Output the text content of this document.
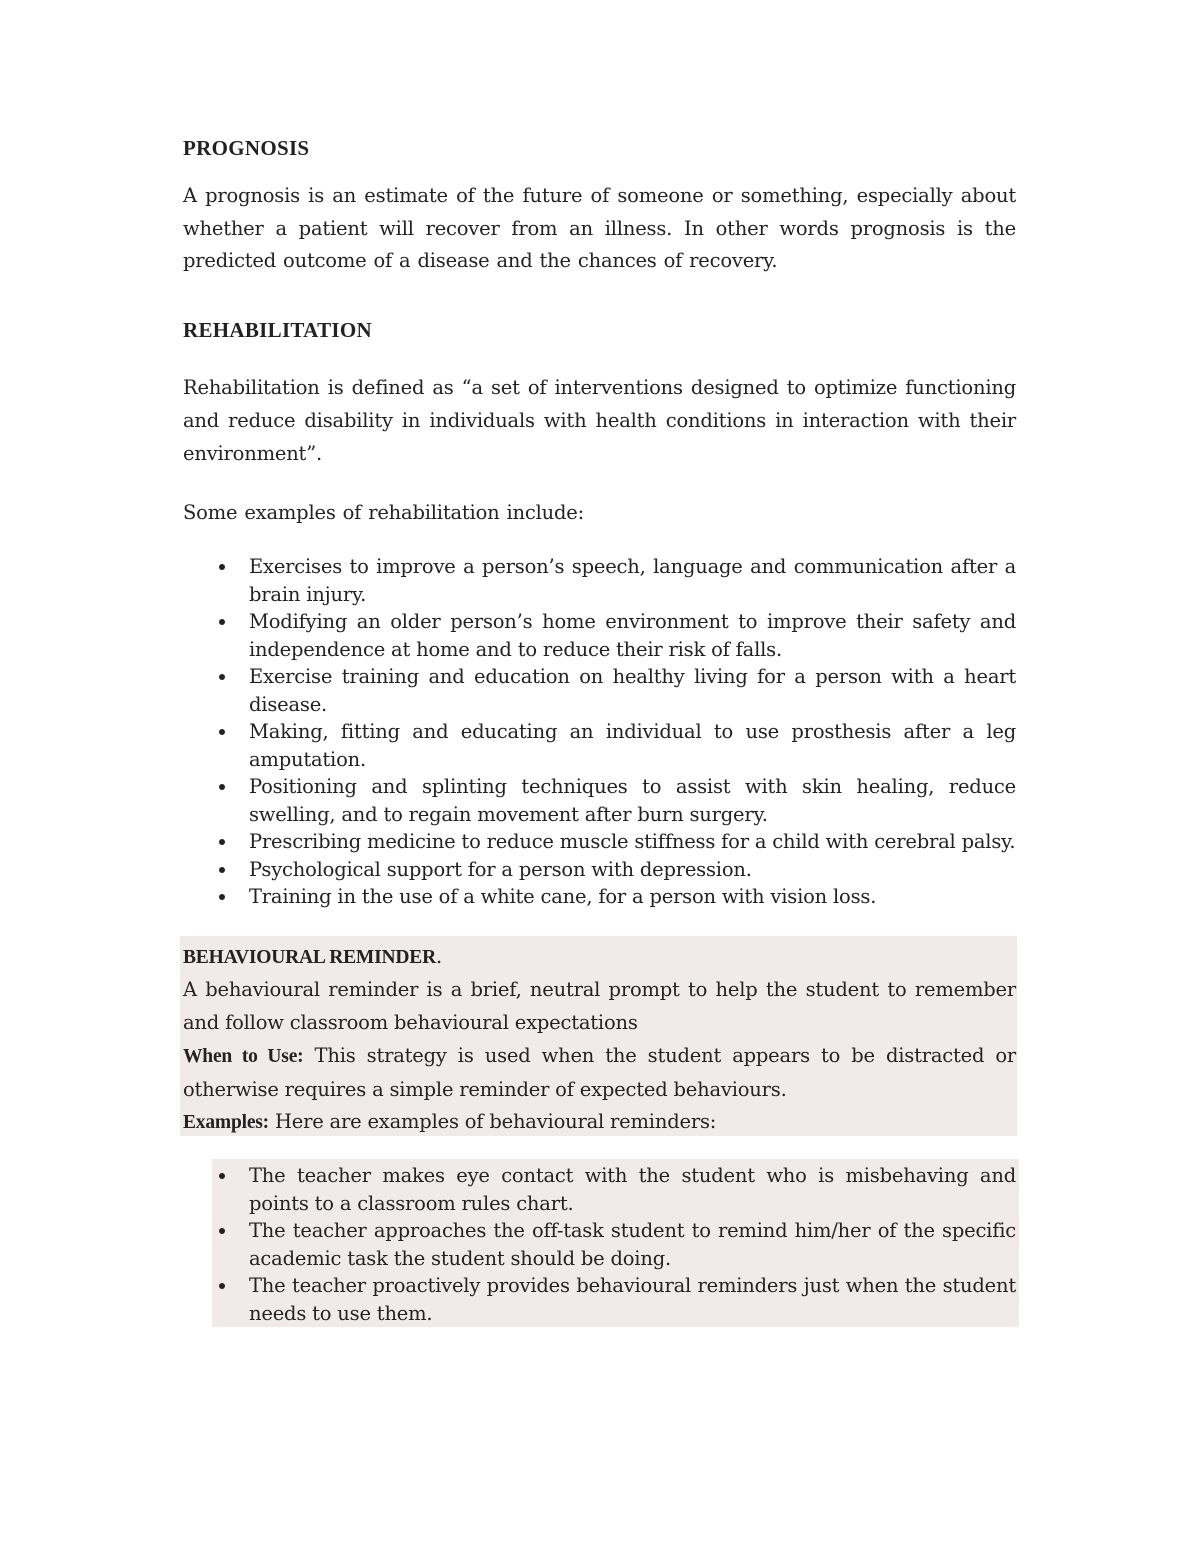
PROGNOSIS

A prognosis is an estimate of the future of someone or something, especially about whether a patient will recover from an illness. In other words prognosis is the predicted outcome of a disease and the chances of recovery.

REHABILITATION

Rehabilitation is defined as “a set of interventions designed to optimize functioning and reduce disability in individuals with health conditions in interaction with their environment”.

Some examples of rehabilitation include:

Exercises to improve a person’s speech, language and communication after a brain injury.
Modifying an older person’s home environment to improve their safety and independence at home and to reduce their risk of falls.
Exercise training and education on healthy living for a person with a heart disease.
Making, fitting and educating an individual to use prosthesis after a leg amputation.
Positioning and splinting techniques to assist with skin healing, reduce swelling, and to regain movement after burn surgery.
Prescribing medicine to reduce muscle stiffness for a child with cerebral palsy.
Psychological support for a person with depression.
Training in the use of a white cane, for a person with vision loss.

BEHAVIOURAL REMINDER.

A behavioural reminder is a brief, neutral prompt to help the student to remember and follow classroom behavioural expectations

When to Use: This strategy is used when the student appears to be distracted or otherwise requires a simple reminder of expected behaviours.

Examples: Here are examples of behavioural reminders:

The teacher makes eye contact with the student who is misbehaving and points to a classroom rules chart.
The teacher approaches the off-task student to remind him/her of the specific academic task the student should be doing.
The teacher proactively provides behavioural reminders just when the student needs to use them.
